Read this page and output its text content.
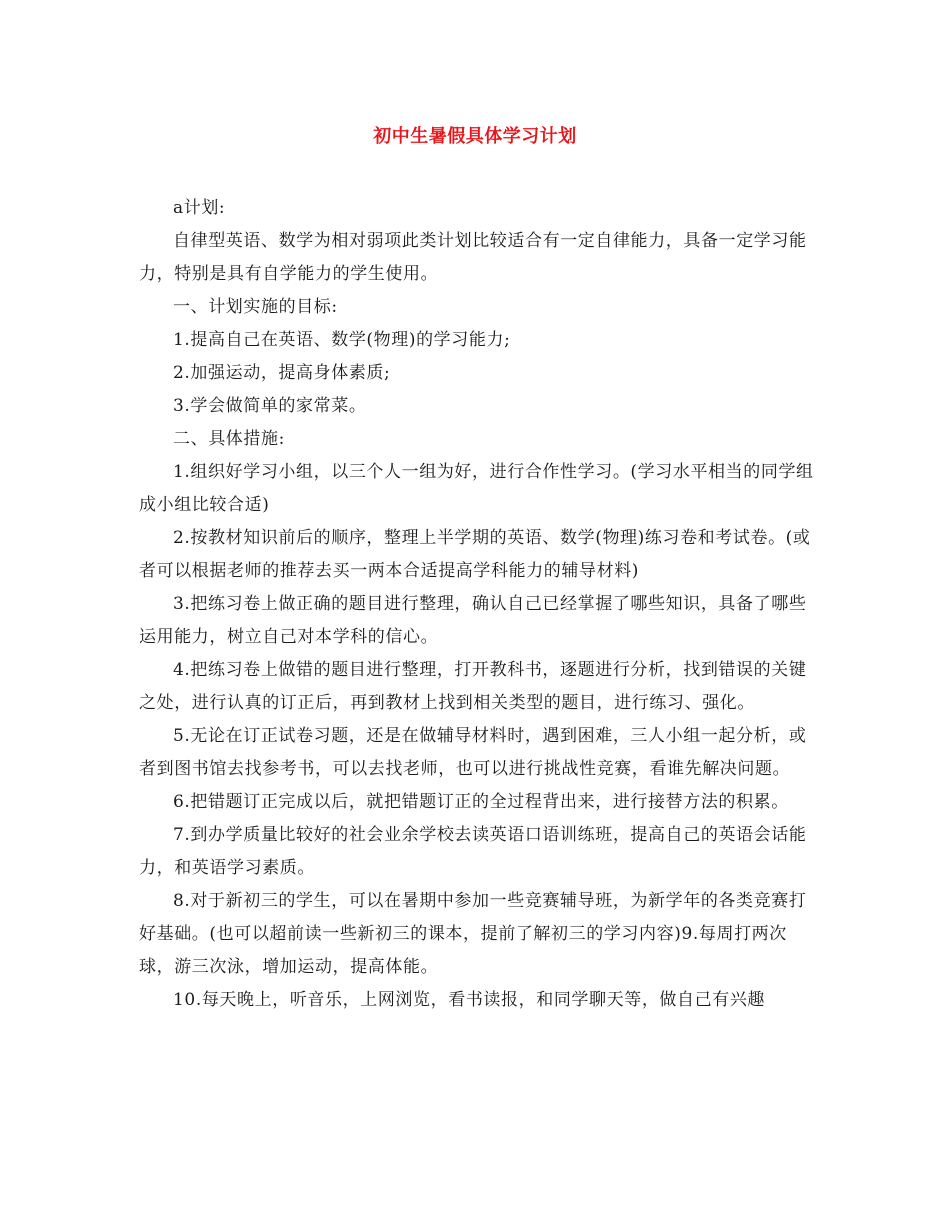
初中生暑假具体学习计划

a计划:

自律型英语、数学为相对弱项此类计划比较适合有一定自律能力，具备一定学习能力，特别是具有自学能力的学生使用。

一、计划实施的目标:

1.提高自己在英语、数学(物理)的学习能力;

2.加强运动，提高身体素质;

3.学会做简单的家常菜。

二、具体措施:

1.组织好学习小组，以三个人一组为好，进行合作性学习。(学习水平相当的同学组成小组比较合适)

2.按教材知识前后的顺序，整理上半学期的英语、数学(物理)练习卷和考试卷。(或者可以根据老师的推荐去买一两本合适提高学科能力的辅导材料)

3.把练习卷上做正确的题目进行整理，确认自己已经掌握了哪些知识，具备了哪些运用能力，树立自己对本学科的信心。

4.把练习卷上做错的题目进行整理，打开教科书，逐题进行分析，找到错误的关键之处，进行认真的订正后，再到教材上找到相关类型的题目，进行练习、强化。

5.无论在订正试卷习题，还是在做辅导材料时，遇到困难，三人小组一起分析，或者到图书馆去找参考书，可以去找老师，也可以进行挑战性竞赛，看谁先解决问题。

6.把错题订正完成以后，就把错题订正的全过程背出来，进行接替方法的积累。

7.到办学质量比较好的社会业余学校去读英语口语训练班，提高自己的英语会话能力，和英语学习素质。

8.对于新初三的学生，可以在暑期中参加一些竞赛辅导班，为新学年的各类竞赛打好基础。(也可以超前读一些新初三的课本，提前了解初三的学习内容)9.每周打两次球，游三次泳，增加运动，提高体能。

10.每天晚上，听音乐，上网浏览，看书读报，和同学聊天等，做自己有兴趣
